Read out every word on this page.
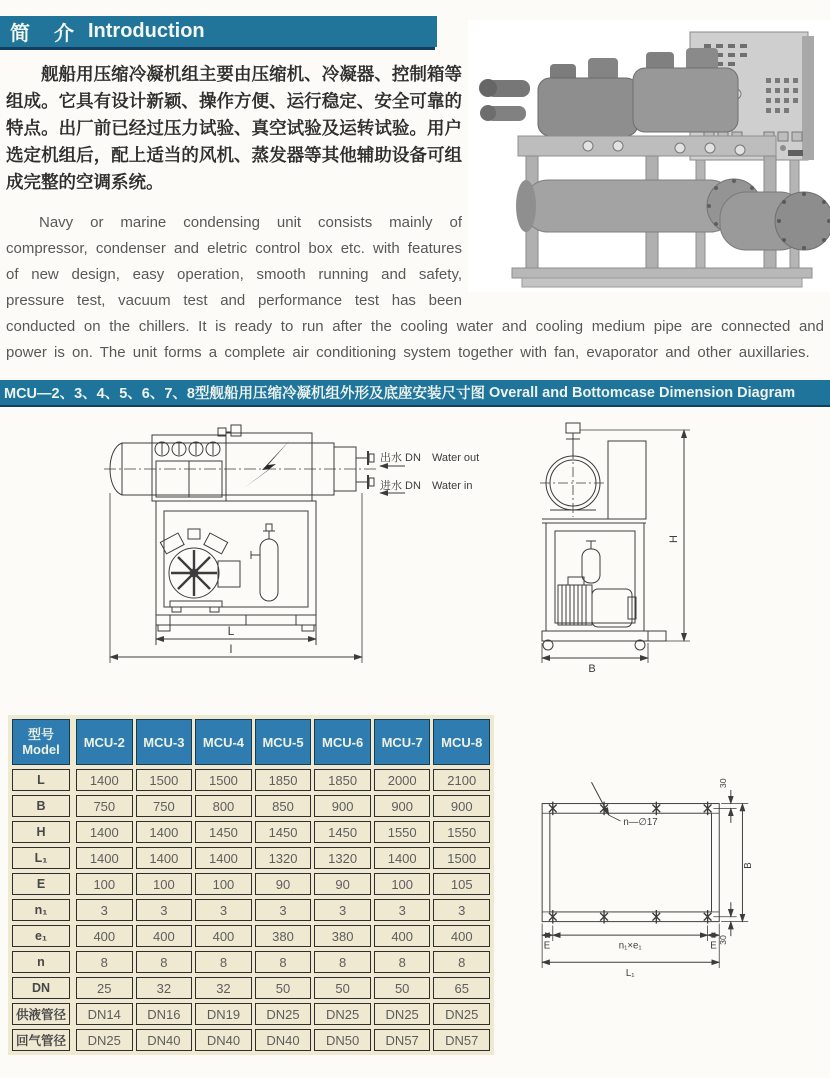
简　介 Introduction

舰船用压缩冷凝机组主要由压缩机、冷凝器、控制箱等组成。它具有设计新颖、操作方便、运行稳定、安全可靠的特点。出厂前已经过压力试验、真空试验及运转试验。用户选定机组后，配上适当的风机、蒸发器等其他辅助设备可组成完整的空调系统。

Navy or marine condensing unit consists mainly of compressor, condenser and eletric control box etc. with features of new design, easy operation, smooth running and safety, pressure test, vacuum test and performance test has been conducted on the chillers. It is ready to run after the cooling water and cooling medium pipe are connected and power is on. The unit forms a complete air conditioning system together with fan, evaporator and other auxillaries.

MCU—2、3、4、5、6、7、8型舰船用压缩冷凝机组外形及底座安装尺寸图 Overall and Bottomcase Dimension Diagram
L
l
出水 DN　Water out
进水 DN　Water in
H
B
型号
Model	MCU-2	MCU-3	MCU-4	MCU-5	MCU-6	MCU-7	MCU-8
L	1400	1500	1500	1850	1850	2000	2100
B	750	750	800	850	900	900	900
H	1400	1400	1450	1450	1450	1550	1550
L₁	1400	1400	1400	1320	1320	1400	1500
E	100	100	100	90	90	100	105
n₁	3	3	3	3	3	3	3
e₁	400	400	400	380	380	400	400
n	8	8	8	8	8	8	8
DN	25	32	32	50	50	50	65
供液管径	DN14	DN16	DN19	DN25	DN25	DN25	DN25
回气管径	DN25	DN40	DN40	DN40	DN50	DN57	DN57
n—∅17
30
30
B
E	n₁×e₁	E
L₁
